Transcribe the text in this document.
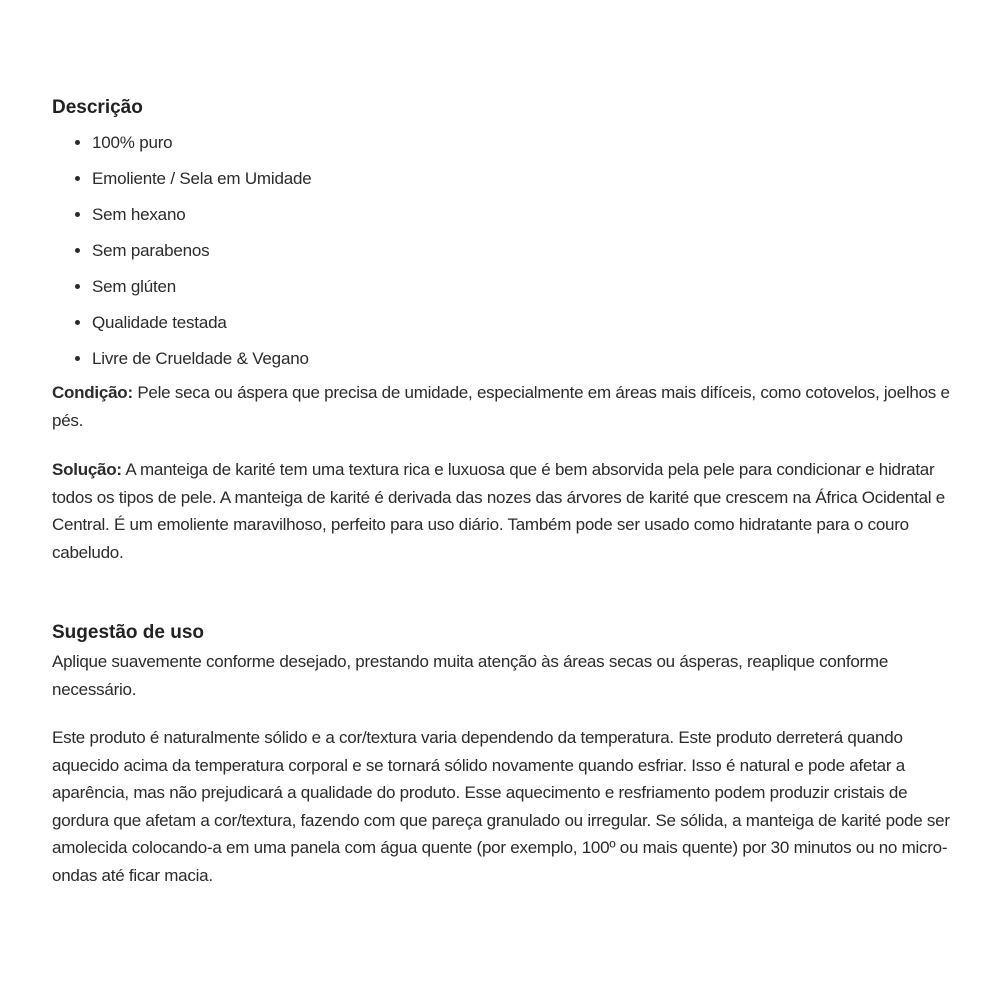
Descrição
• 100% puro
• Emoliente / Sela em Umidade
• Sem hexano
• Sem parabenos
• Sem glúten
• Qualidade testada
• Livre de Crueldade & Vegano

Condição: Pele seca ou áspera que precisa de umidade, especialmente em áreas mais difíceis, como cotovelos, joelhos e pés.

Solução: A manteiga de karité tem uma textura rica e luxuosa que é bem absorvida pela pele para condicionar e hidratar todos os tipos de pele. A manteiga de karité é derivada das nozes das árvores de karité que crescem na África Ocidental e Central. É um emoliente maravilhoso, perfeito para uso diário. Também pode ser usado como hidratante para o couro cabeludo.

Sugestão de uso

Aplique suavemente conforme desejado, prestando muita atenção às áreas secas ou ásperas, reaplique conforme necessário.

Este produto é naturalmente sólido e a cor/textura varia dependendo da temperatura. Este produto derreterá quando aquecido acima da temperatura corporal e se tornará sólido novamente quando esfriar. Isso é natural e pode afetar a aparência, mas não prejudicará a qualidade do produto. Esse aquecimento e resfriamento podem produzir cristais de gordura que afetam a cor/textura, fazendo com que pareça granulado ou irregular. Se sólida, a manteiga de karité pode ser amolecida colocando-a em uma panela com água quente (por exemplo, 100º ou mais quente) por 30 minutos ou no micro-ondas até ficar macia.
